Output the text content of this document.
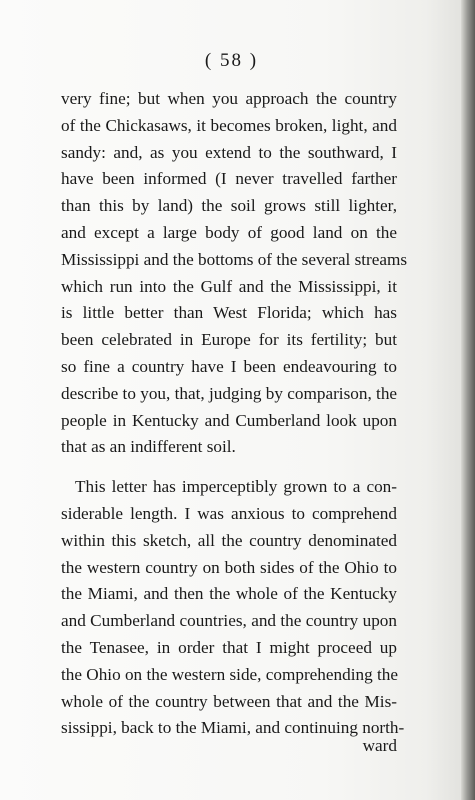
( 58 )
very fine; but when you approach the country
of the Chickasaws, it becomes broken, light, and
sandy: and, as you extend to the southward, I
have been informed (I never travelled farther
than this by land) the soil grows still lighter,
and except a large body of good land on the
Mississippi and the bottoms of the several streams
which run into the Gulf and the Mississippi, it
is little better than West Florida; which has
been celebrated in Europe for its fertility; but
so fine a country have I been endeavouring to
describe to you, that, judging by comparison, the
people in Kentucky and Cumberland look upon
that as an indifferent soil.
This letter has imperceptibly grown to a con-
siderable length. I was anxious to comprehend
within this sketch, all the country denominated
the western country on both sides of the Ohio to
the Miami, and then the whole of the Kentucky
and Cumberland countries, and the country upon
the Tenasee, in order that I might proceed up
the Ohio on the western side, comprehending the
whole of the country between that and the Mis-
sissippi, back to the Miami, and continuing north-
ward
